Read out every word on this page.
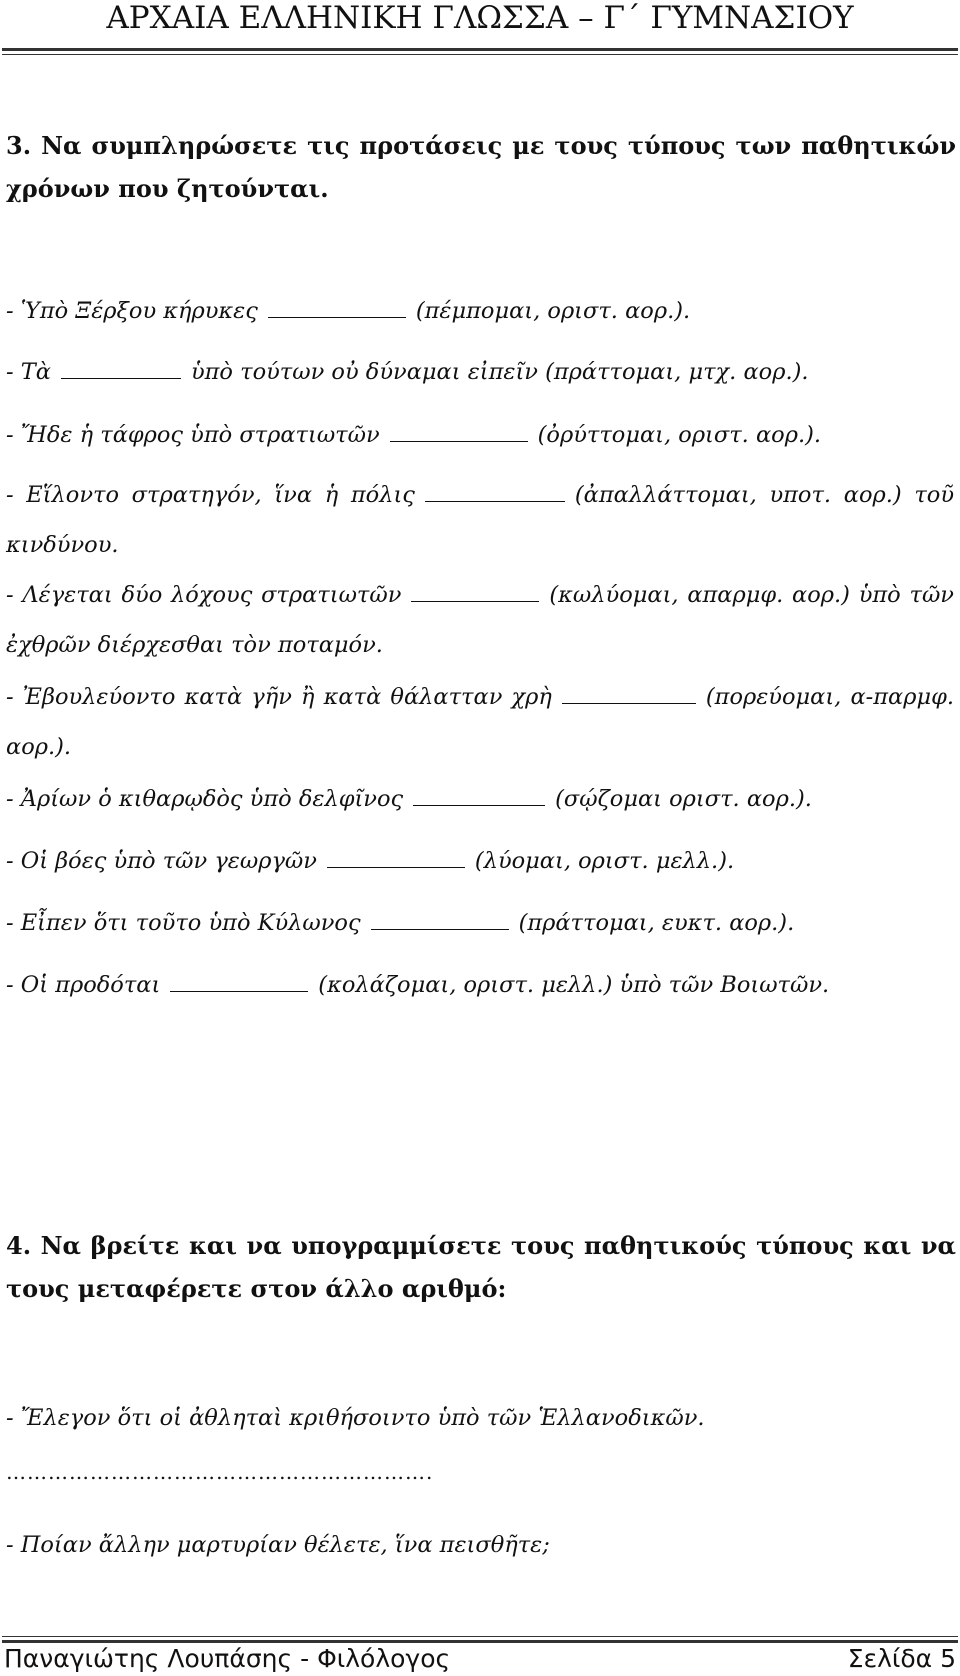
ΑΡΧΑΙΑ ΕΛΛΗΝΙΚΗ ΓΛΩΣΣΑ – Γ΄ ΓΥΜΝΑΣΙΟΥ
3. Να συμπληρώσετε τις προτάσεις με τους τύπους των παθητικών χρόνων που ζητούνται.
- Ὑπὸ Ξέρξου κήρυκες	(πέμπομαι, οριστ. αορ.).
- Τὰ	ὑπὸ τούτων οὐ δύναμαι εἰπεῖν (πράττομαι, μτχ. αορ.).
- Ἤδε ἡ τάφρος ὑπὸ στρατιωτῶν	(ὀρύττομαι, οριστ. αορ.).
- Εἵλοντο στρατηγόν, ἵνα ἡ πόλις	(ἀπαλλάττομαι, υποτ. αορ.) τοῦ κινδύνου.
- Λέγεται δύο λόχους στρατιωτῶν	(κωλύομαι, απαρμφ. αορ.) ὑπὸ τῶν ἐχθρῶν διέρχεσθαι τὸν ποταμόν.
- Ἐβουλεύοντο κατὰ γῆν ἢ κατὰ θάλατταν χρὴ	(πορεύομαι, α-παρμφ. αορ.).
- Ἀρίων ὁ κιθαρῳδὸς ὑπὸ δελφῖνος	(σῴζομαι οριστ. αορ.).
- Οἱ βόες ὑπὸ τῶν γεωργῶν	(λύομαι, οριστ. μελλ.).
- Εἶπεν ὅτι τοῦτο ὑπὸ Κύλωνος	(πράττομαι, ευκτ. αορ.).
- Οἱ προδόται	(κολάζομαι, οριστ. μελλ.) ὑπὸ τῶν Βοιωτῶν.
4. Να βρείτε και να υπογραμμίσετε τους παθητικούς τύπους και να τους μεταφέρετε στον άλλο αριθμό:
- Ἔλεγον ὅτι οἱ ἀθληταὶ κριθήσοιντο ὑπὸ τῶν Ἑλλανοδικῶν.
…………………………………………………….
- Ποίαν ἄλλην μαρτυρίαν θέλετε, ἵνα πεισθῆτε;
Παναγιώτης Λουπάσης - Φιλόλογος	Σελίδα 5
